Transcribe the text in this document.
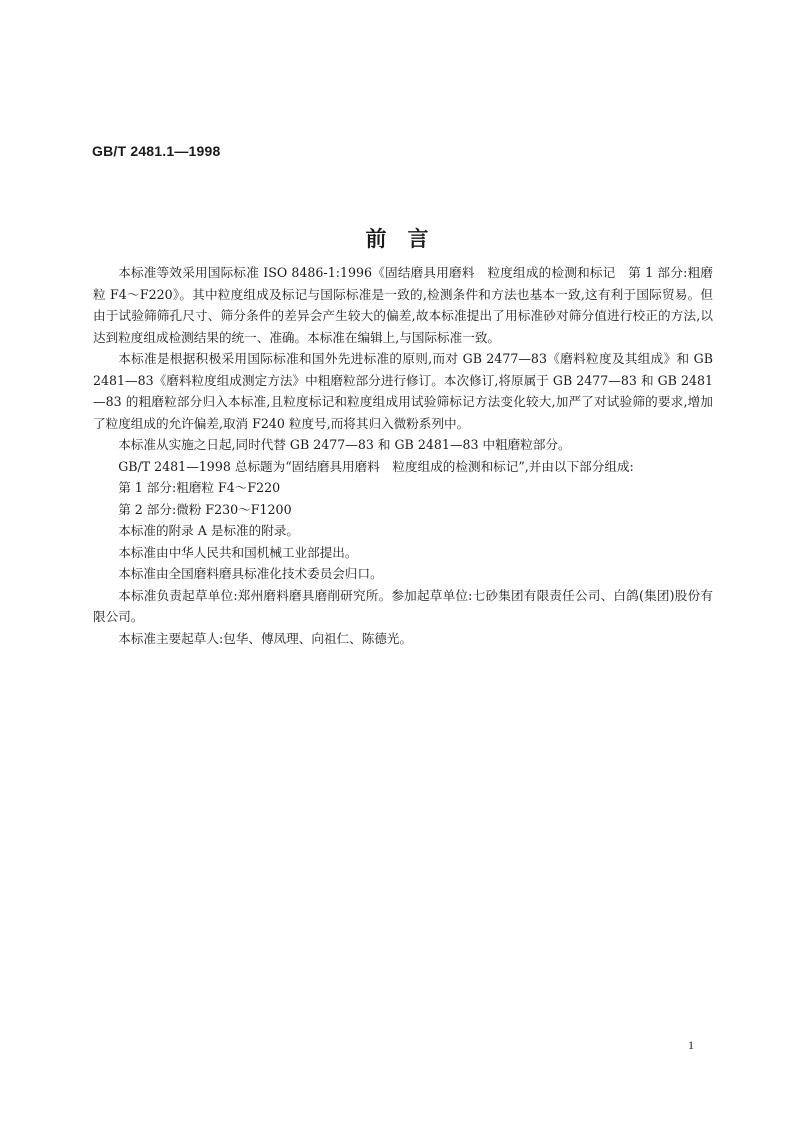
GB/T 2481.1—1998
前　言

本标准等效采用国际标准 ISO 8486-1:1996《固结磨具用磨料　粒度组成的检测和标记　第 1 部分:粗磨粒 F4～F220》。其中粒度组成及标记与国际标准是一致的,检测条件和方法也基本一致,这有利于国际贸易。但由于试验筛筛孔尺寸、筛分条件的差异会产生较大的偏差,故本标准提出了用标准砂对筛分值进行校正的方法,以达到粒度组成检测结果的统一、准确。本标准在编辑上,与国际标准一致。

本标准是根据积极采用国际标准和国外先进标准的原则,而对 GB 2477—83《磨料粒度及其组成》和 GB 2481—83《磨料粒度组成测定方法》中粗磨粒部分进行修订。本次修订,将原属于 GB 2477—83 和 GB 2481—83 的粗磨粒部分归入本标准,且粒度标记和粒度组成用试验筛标记方法变化较大,加严了对试验筛的要求,增加了粒度组成的允许偏差,取消 F240 粒度号,而将其归入微粉系列中。

本标准从实施之日起,同时代替 GB 2477—83 和 GB 2481—83 中粗磨粒部分。

GB/T 2481—1998 总标题为“固结磨具用磨料　粒度组成的检测和标记”,并由以下部分组成:

第 1 部分:粗磨粒 F4～F220

第 2 部分:微粉 F230～F1200

本标准的附录 A 是标准的附录。

本标准由中华人民共和国机械工业部提出。

本标准由全国磨料磨具标准化技术委员会归口。

本标准负责起草单位:郑州磨料磨具磨削研究所。参加起草单位:七砂集团有限责任公司、白鸽(集团)股份有限公司。

本标准主要起草人:包华、傅凤理、向祖仁、陈德光。

1
